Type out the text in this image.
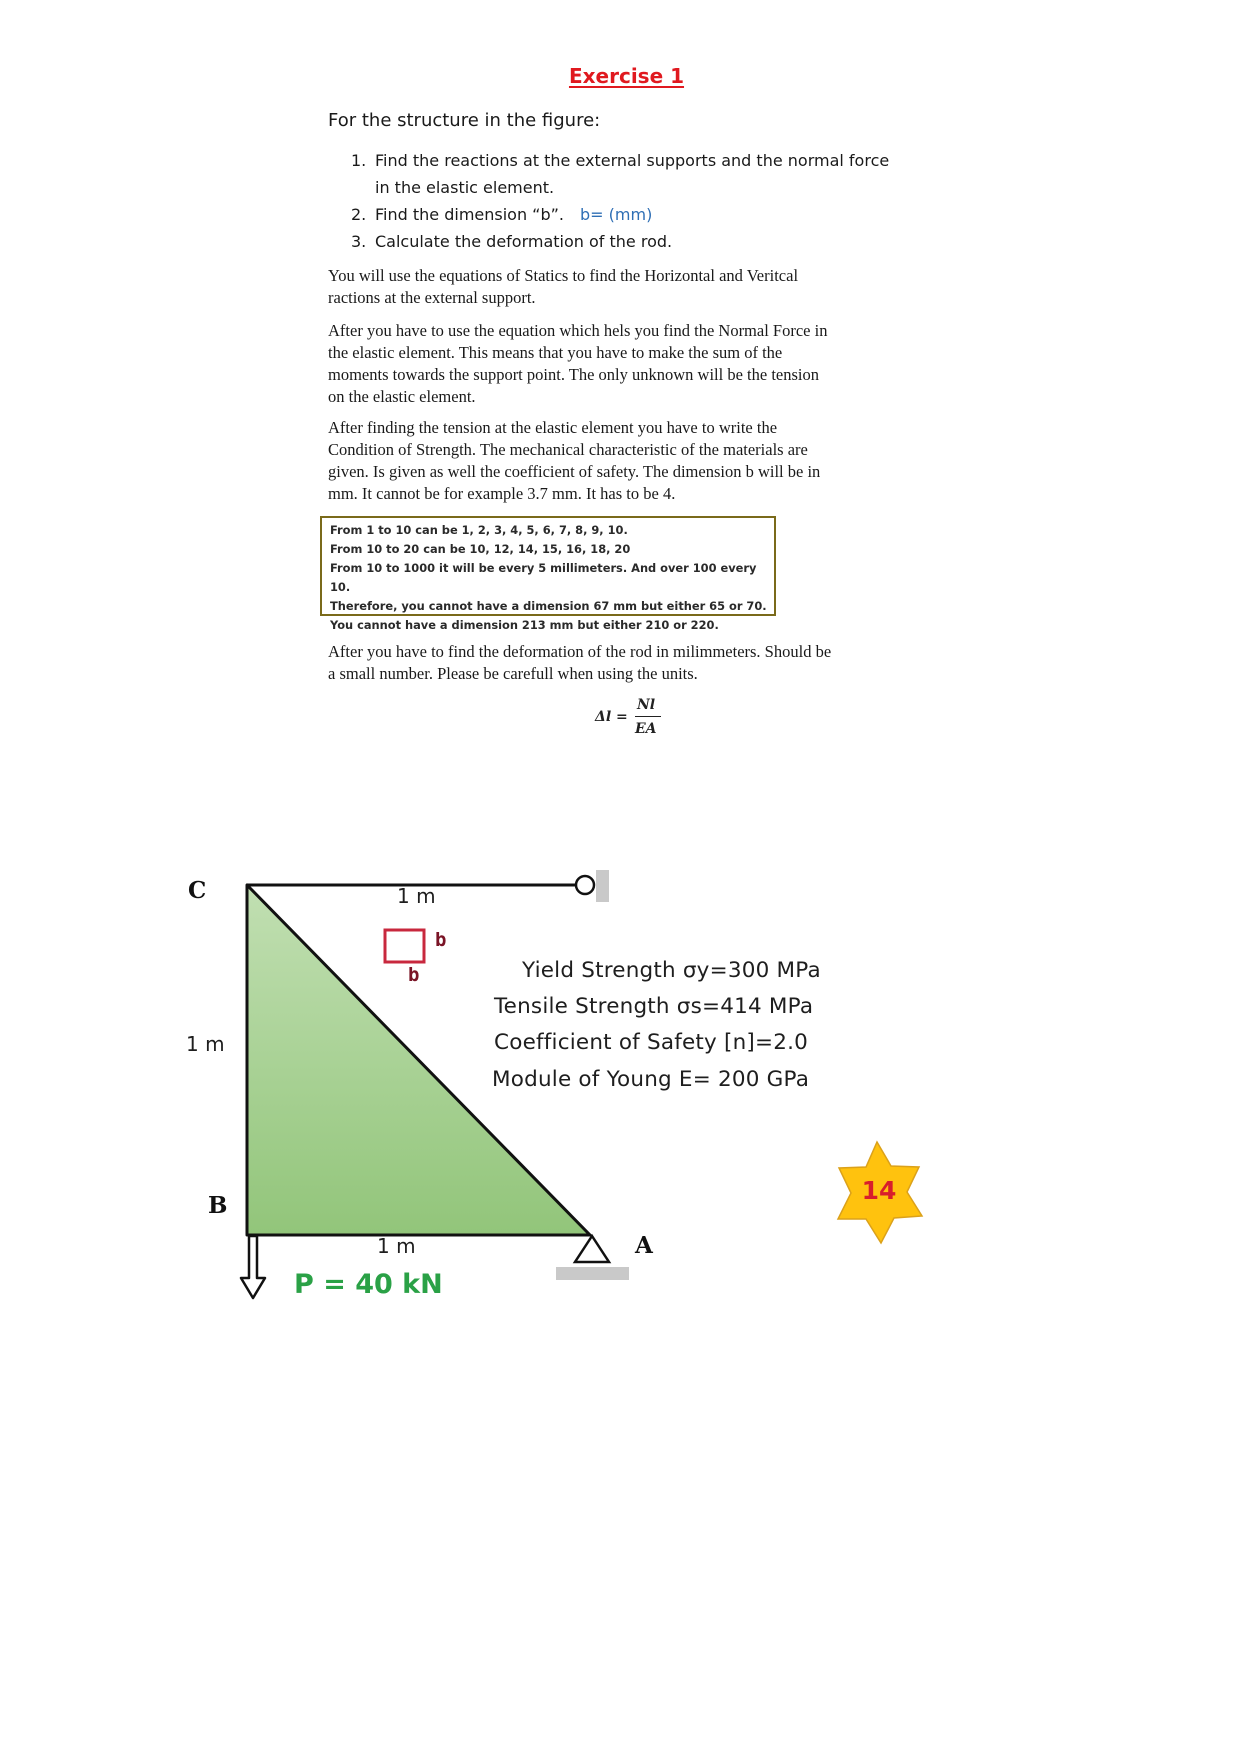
Exercise 1
For the structure in the figure:
1. Find the reactions at the external supports and the normal force
in the elastic element.
2. Find the dimension “b”. b= (mm)
3. Calculate the deformation of the rod.
You will use the equations of Statics to find the Horizontal and Veritcal
ractions at the external support.
After you have to use the equation which hels you find the Normal Force in
the elastic element. This means that you have to make the sum of the
moments towards the support point. The only unknown will be the tension
on the elastic element.
After finding the tension at the elastic element you have to write the
Condition of Strength. The mechanical characteristic of the materials are
given. Is given as well the coefficient of safety. The dimension b will be in
mm. It cannot be for example 3.7 mm. It has to be 4.
From 1 to 10 can be 1, 2, 3, 4, 5, 6, 7, 8, 9, 10.
From 10 to 20 can be 10, 12, 14, 15, 16, 18, 20
From 10 to 1000 it will be every 5 millimeters. And over 100 every 10.
Therefore, you cannot have a dimension 67 mm but either 65 or 70.
You cannot have a dimension 213 mm but either 210 or 220.
After you have to find the deformation of the rod in milimmeters. Should be
a small number. Please be carefull when using the units.
Δl =
Nl
EA
C
B
A
1 m
1 m
1 m
b
b	Yield Strength σy=300 MPa
Tensile Strength σs=414 MPa
Coefficient of Safety [n]=2.0
Module of Young E= 200 GPa
P = 40 kN
14
